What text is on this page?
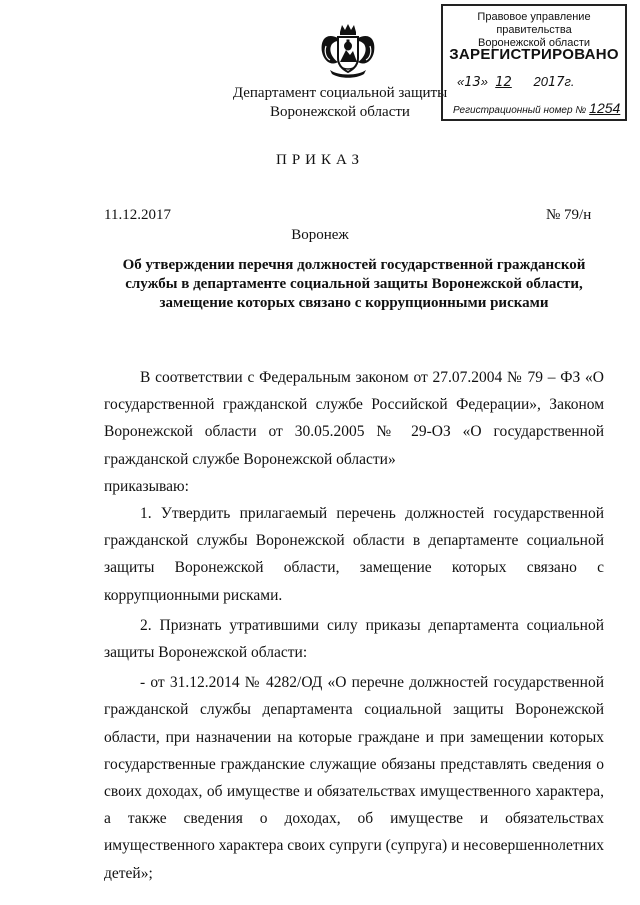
Департамент социальной защиты
Воронежской области
Правовое управление правительства
Воронежской области
ЗАРЕГИСТРИРОВАНО
«13»  12 2017г.
Регистрационный номер № 1254
ПРИКАЗ
11.12.2017	№ 79/н
Воронеж
Об утверждении перечня должностей государственной гражданской службы в департаменте социальной защиты Воронежской области, замещение которых связано с коррупционными рисками

В соответствии с Федеральным законом от 27.07.2004 № 79 – ФЗ «О государственной гражданской службе Российской Федерации», Законом Воронежской области от 30.05.2005 № 29-ОЗ «О государственной гражданской службе Воронежской области»

приказываю:

1. Утвердить прилагаемый перечень должностей государственной гражданской службы Воронежской области в департаменте социальной защиты Воронежской области, замещение которых связано с коррупционными рисками.

2. Признать утратившими силу приказы департамента социальной защиты Воронежской области:

- от 31.12.2014 № 4282/ОД «О перечне должностей государственной гражданской службы департамента социальной защиты Воронежской области, при назначении на которые граждане и при замещении которых государственные гражданские служащие обязаны представлять сведения о своих доходах, об имуществе и обязательствах имущественного характера, а также сведения о доходах, об имуществе и обязательствах имущественного характера своих супруги (супруга) и несовершеннолетних детей»;
